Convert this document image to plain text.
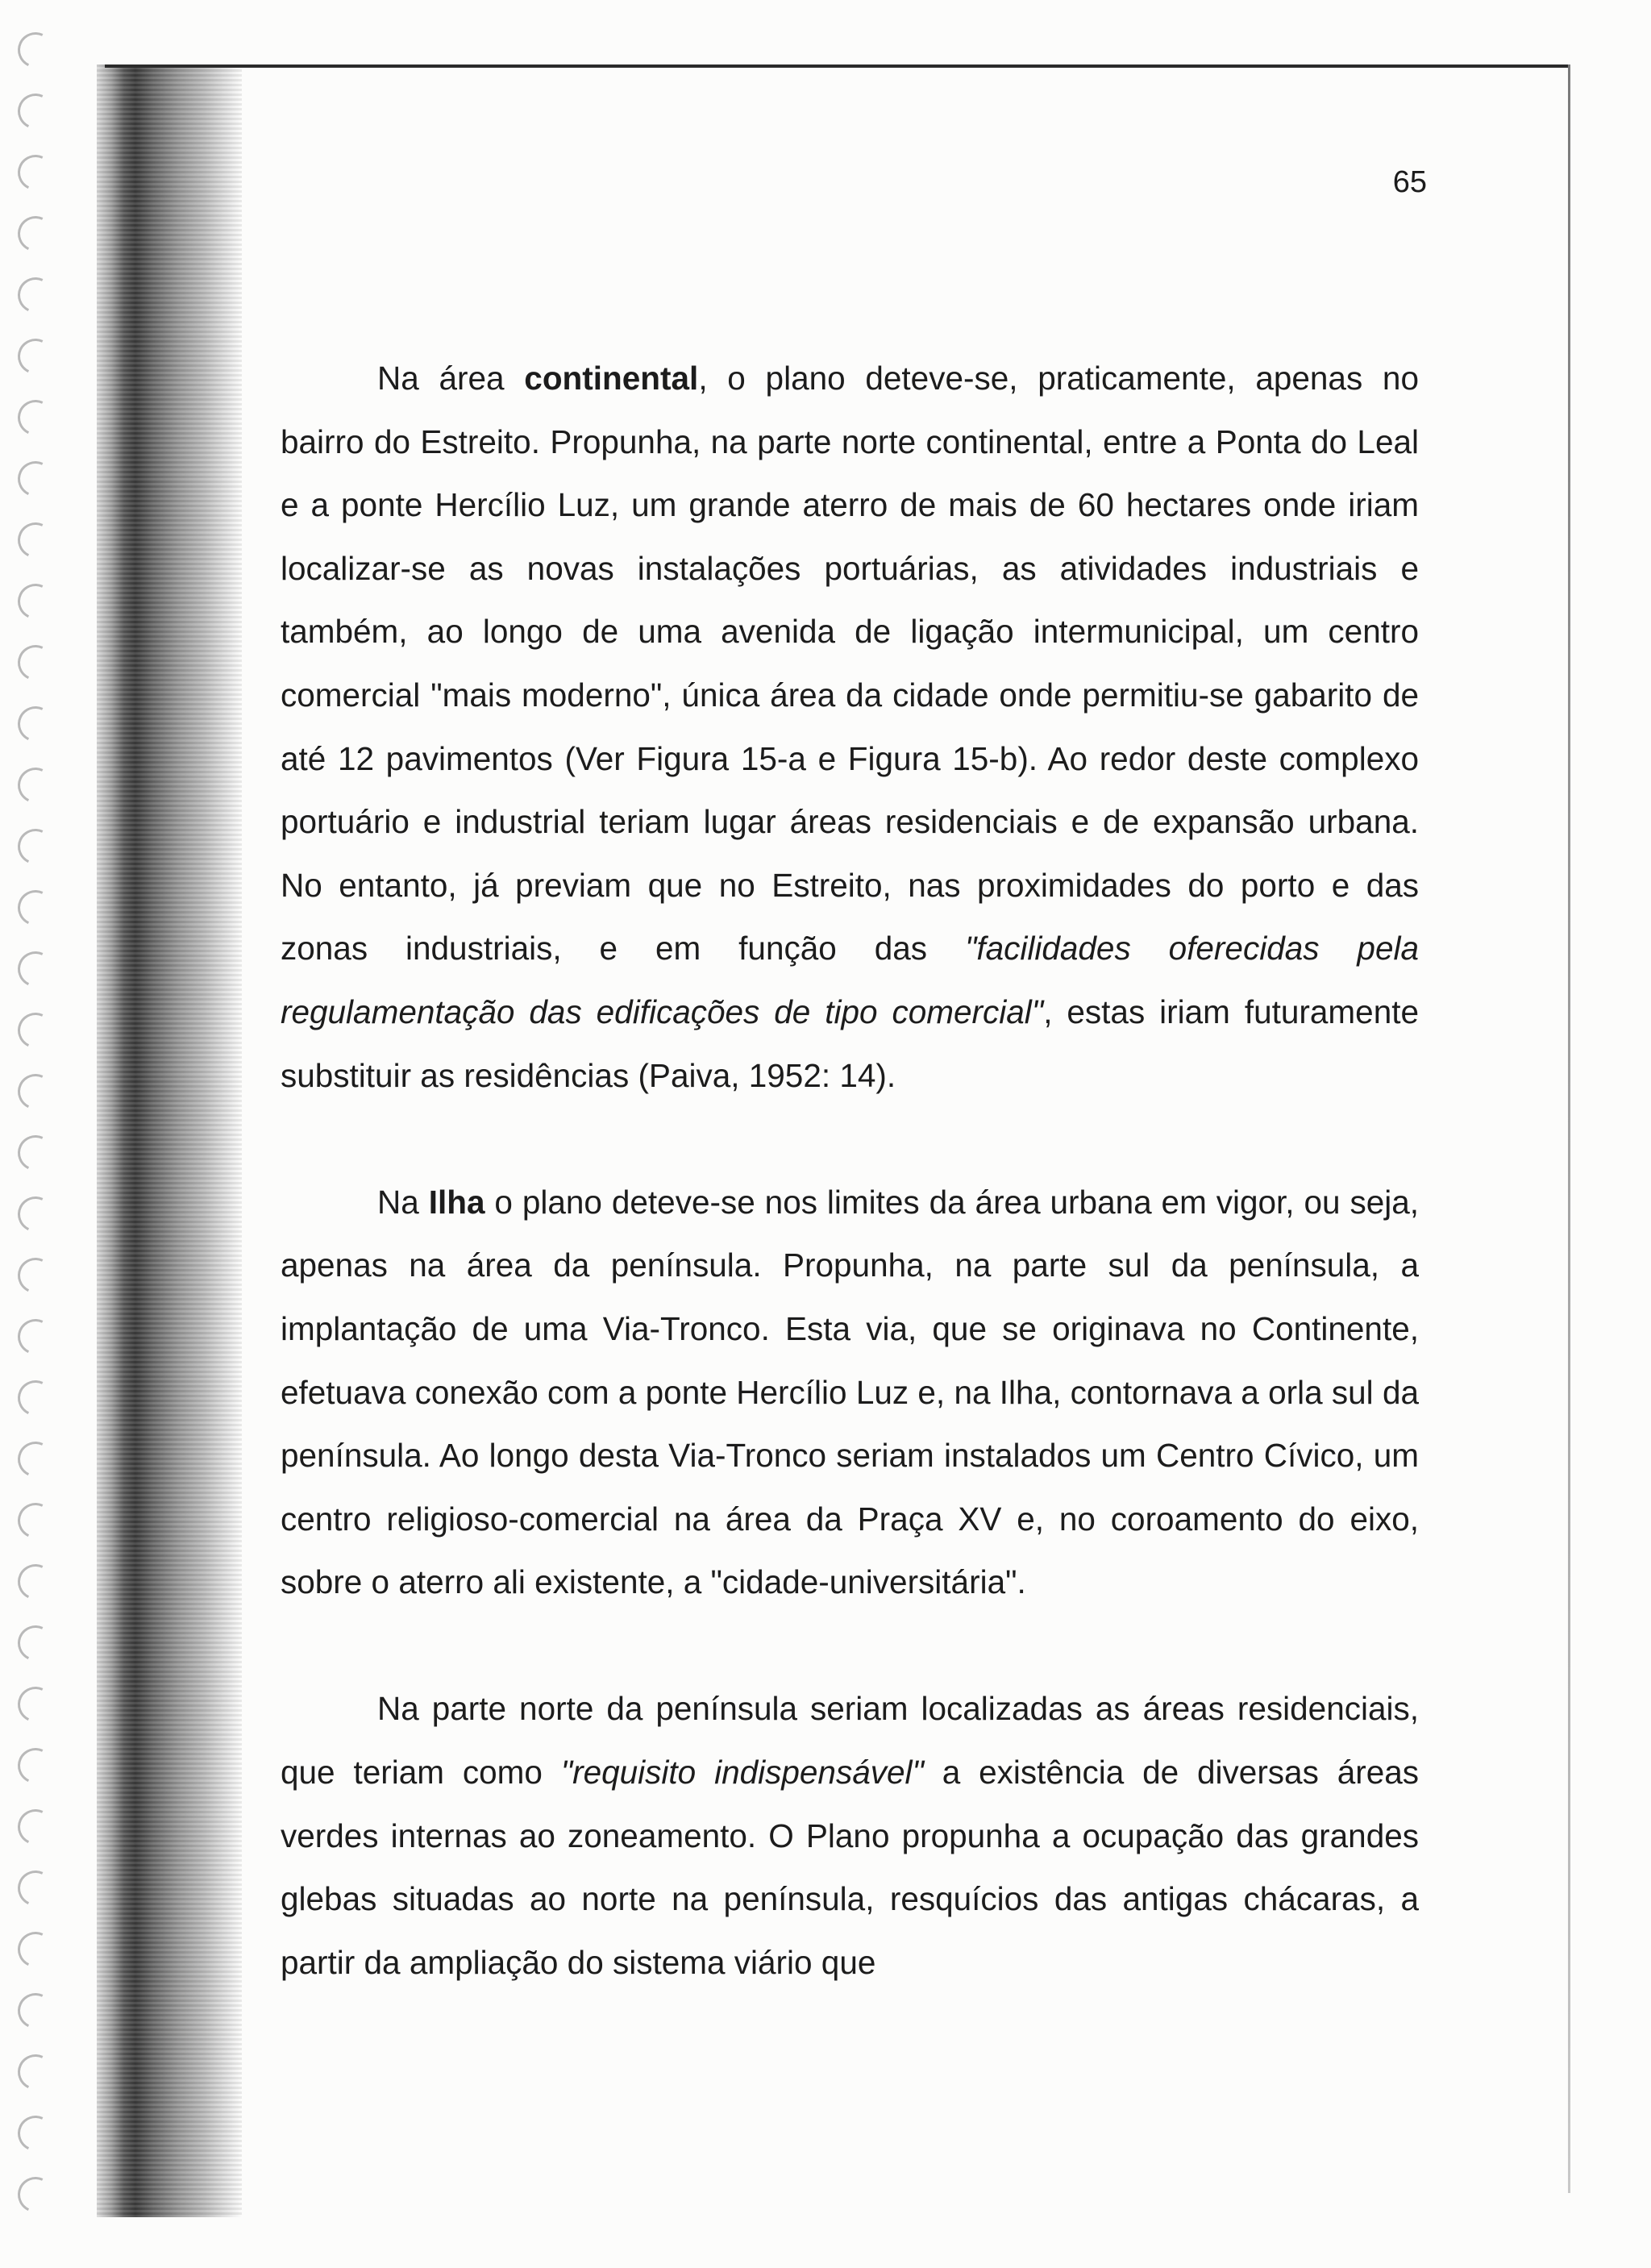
65

Na área continental, o plano deteve-se, praticamente, apenas no bairro do Estreito. Propunha, na parte norte continental, entre a Ponta do Leal e a ponte Hercílio Luz, um grande aterro de mais de 60 hectares onde iriam localizar-se as novas instalações portuárias, as atividades industriais e também, ao longo de uma avenida de ligação intermunicipal, um centro comercial "mais moderno", única área da cidade onde permitiu-se gabarito de até 12 pavimentos (Ver Figura 15-a e Figura 15-b). Ao redor deste complexo portuário e industrial teriam lugar áreas residenciais e de expansão urbana. No entanto, já previam que no Estreito, nas proximidades do porto e das zonas industriais, e em função das "facilidades oferecidas pela regulamentação das edificações de tipo comercial", estas iriam futuramente substituir as residências (Paiva, 1952: 14).

Na Ilha o plano deteve-se nos limites da área urbana em vigor, ou seja, apenas na área da península. Propunha, na parte sul da península, a implantação de uma Via-Tronco. Esta via, que se originava no Continente, efetuava conexão com a ponte Hercílio Luz e, na Ilha, contornava a orla sul da península. Ao longo desta Via-Tronco seriam instalados um Centro Cívico, um centro religioso-comercial na área da Praça XV e, no coroamento do eixo, sobre o aterro ali existente, a "cidade-universitária".

Na parte norte da península seriam localizadas as áreas residenciais, que teriam como "requisito indispensável" a existência de diversas áreas verdes internas ao zoneamento. O Plano propunha a ocupação das grandes glebas situadas ao norte na península, resquícios das antigas chácaras, a partir da ampliação do sistema viário que
